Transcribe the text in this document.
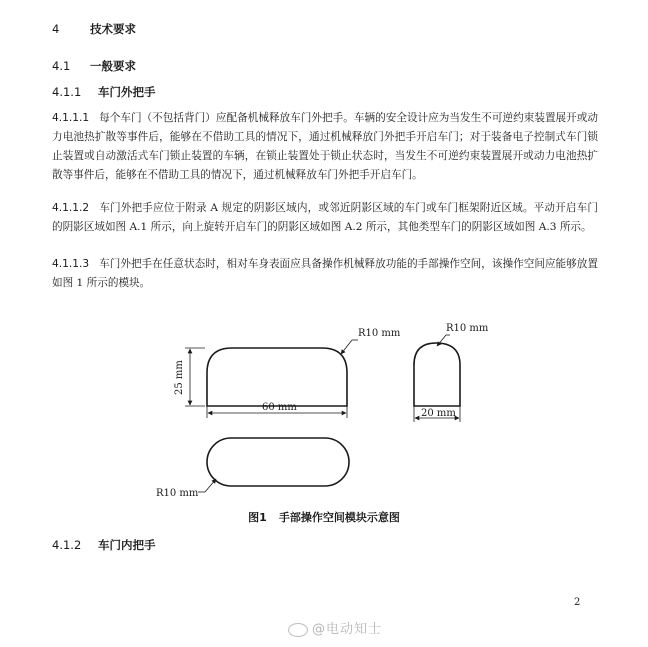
4	技术要求
4.1 一般要求
4.1.1 车门外把手

4.1.1.1 每个车门（不包括背门）应配备机械释放车门外把手。车辆的安全设计应为当发生不可逆约束装置展开或动力电池热扩散等事件后，能够在不借助工具的情况下，通过机械释放门外把手开启车门；对于装备电子控制式车门锁止装置或自动激活式车门锁止装置的车辆，在锁止装置处于锁止状态时，当发生不可逆约束装置展开或动力电池热扩散等事件后，能够在不借助工具的情况下，通过机械释放车门外把手开启车门。

4.1.1.2 车门外把手应位于附录 A 规定的阴影区域内，或邻近阴影区域的车门或车门框架附近区域。平动开启车门的阴影区域如图 A.1 所示，向上旋转开启车门的阴影区域如图 A.2 所示，其他类型车门的阴影区域如图 A.3 所示。

4.1.1.3 车门外把手在任意状态时，相对车身表面应具备操作机械释放功能的手部操作空间，该操作空间应能够放置如图 1 所示的模块。

25 mm
60 mm
R10 mm
20 mm
R10 mm
R10 mm
图1 手部操作空间模块示意图
4.1.2 车门内把手
2
@电动知士
